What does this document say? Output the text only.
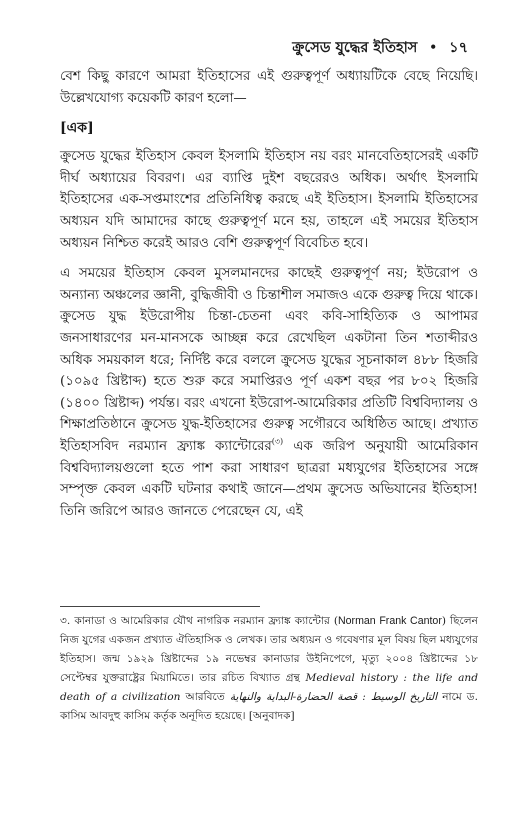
ক্রুসেড যুদ্ধের ইতিহাস • ১৭

বেশ কিছু কারণে আমরা ইতিহাসের এই গুরুত্বপূর্ণ অধ্যায়টিকে বেছে নিয়েছি। উল্লেখযোগ্য কয়েকটি কারণ হলো—

[এক]

ক্রুসেড যুদ্ধের ইতিহাস কেবল ইসলামি ইতিহাস নয় বরং মানবেতিহাসেরই একটি দীর্ঘ অধ্যায়ের বিবরণ। এর ব্যাপ্তি দুইশ বছরেরও অধিক। অর্থাৎ ইসলামি ইতিহাসের এক-সপ্তমাংশের প্রতিনিধিত্ব করছে এই ইতিহাস। ইসলামি ইতিহাসের অধ্যয়ন যদি আমাদের কাছে গুরুত্বপূর্ণ মনে হয়, তাহলে এই সময়ের ইতিহাস অধ্যয়ন নিশ্চিত করেই আরও বেশি গুরুত্বপূর্ণ বিবেচিত হবে।

এ সময়ের ইতিহাস কেবল মুসলমানদের কাছেই গুরুত্বপূর্ণ নয়; ইউরোপ ও অন্যান্য অঞ্চলের জ্ঞানী, বুদ্ধিজীবী ও চিন্তাশীল সমাজও একে গুরুত্ব দিয়ে থাকে। ক্রুসেড যুদ্ধ ইউরোপীয় চিন্তা-চেতনা এবং কবি-সাহিত্যিক ও আপামর জনসাধারণের মন-মানসকে আচ্ছন্ন করে রেখেছিল একটানা তিন শতাব্দীরও অধিক সময়কাল ধরে; নির্দিষ্ট করে বললে ক্রুসেড যুদ্ধের সূচনাকাল ৪৮৮ হিজরি (১০৯৫ খ্রিষ্টাব্দ) হতে শুরু করে সমাপ্তিরও পূর্ণ একশ বছর পর ৮০২ হিজরি (১৪০০ খ্রিষ্টাব্দ) পর্যন্ত। বরং এখনো ইউরোপ-আমেরিকার প্রতিটি বিশ্ববিদ্যালয় ও শিক্ষাপ্রতিষ্ঠানে ক্রুসেড যুদ্ধ-ইতিহাসের গুরুত্ব সগৌরবে অধিষ্ঠিত আছে। প্রখ্যাত ইতিহাসবিদ নরম্যান ফ্র্যাঙ্ক ক্যান্টোরের$^{(৩)}$ এক জরিপ অনুযায়ী আমেরিকান বিশ্ববিদ্যালয়গুলো হতে পাশ করা সাধারণ ছাত্ররা মধ্যযুগের ইতিহাসের সঙ্গে সম্পৃক্ত কেবল একটি ঘটনার কথাই জানে—প্রথম ক্রুসেড অভিযানের ইতিহাস! তিনি জরিপে আরও জানতে পেরেছেন যে, এই

৩. কানাডা ও আমেরিকার যৌথ নাগরিক নরম্যান ফ্র্যাঙ্ক ক্যান্টোর (Norman Frank Cantor) ছিলেন নিজ যুগের একজন প্রখ্যাত ঐতিহাসিক ও লেখক। তার অধ্যয়ন ও গবেষণার মূল বিষয় ছিল মধ্যযুগের ইতিহাস। জন্ম ১৯২৯ খ্রিষ্টাব্দের ১৯ নভেম্বর কানাডার উইনিপেগে, মৃত্যু ২০০৪ খ্রিষ্টাব্দের ১৮ সেপ্টেম্বর যুক্তরাষ্ট্রের মিয়ামিতে। তার রচিত বিখ্যাত গ্রন্থ Medieval history : the life and death of a civilization আরবিতে التاريخ الوسيط : قصة الحضارة-البداية والنهاية নামে ড. কাসিম আবদুহু কাসিম কর্তৃক অনূদিত হয়েছে। [অনুবাদক]
